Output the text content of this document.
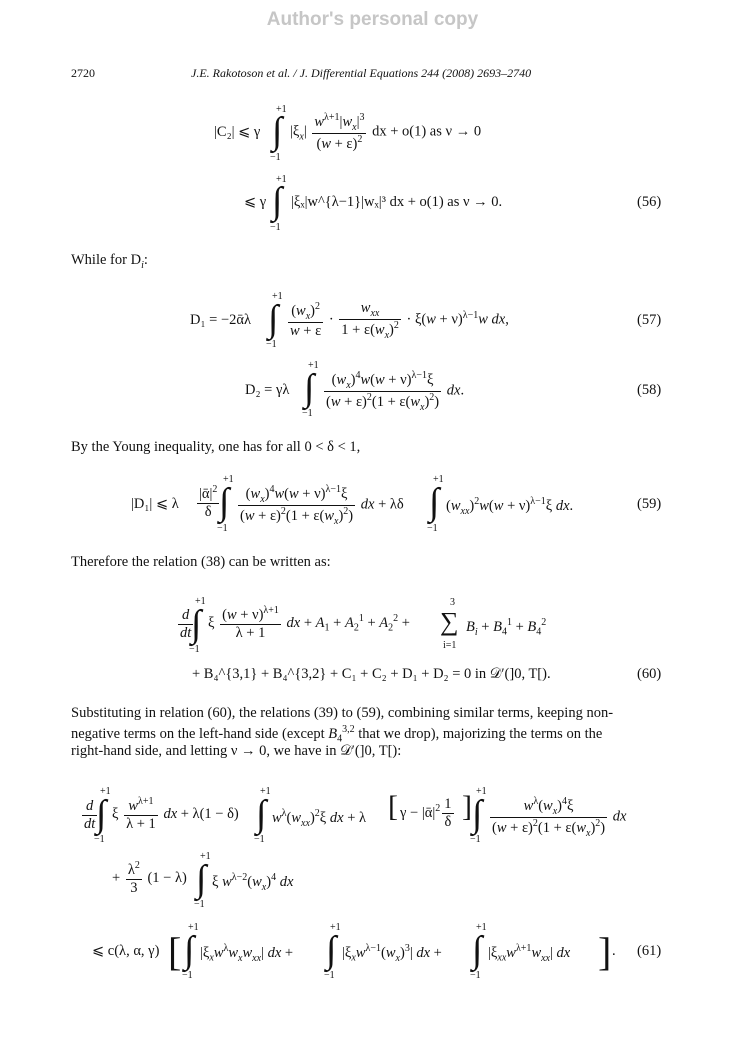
Author's personal copy
2720	J.E. Rakotoson et al. / J. Differential Equations 244 (2008) 2693–2740
|C₂| ⩽ γ
+1
∫
−1
$|\xi_x| \frac{w^{\lambda+1}|w_x|^3}{(w + \varepsilon)^2}$ dx + o(1) as ν → 0
⩽ γ
+1
∫
−1
|ξₓ|w^{λ−1}|wₓ|³ dx + o(1) as ν → 0.	(56)
While for $D_i$:
D₁ = −2ᾱλ
+1
∫
−1
$\frac{(w_x)^2}{w + \varepsilon} \cdot \frac{w_{xx}}{1 + \varepsilon(w_x)^2} \cdot \xi(w + \nu)^{\lambda-1}w$ dx,	(57)
D₂ = γλ
+1
∫
−1
$\frac{(w_x)^4w(w + \nu)^{\lambda-1}\xi}{(w + \varepsilon)^2(1 + \varepsilon(w_x)^2)}$ dx.	(58)
By the Young inequality, one has for all 0 < δ < 1,
|D₁| ⩽ λ $\frac{|ᾱ|^2}{\delta}$
+1
∫
−1
$\frac{(w_x)^4w(w + \nu)^{\lambda-1}\xi}{(w + \varepsilon)^2(1 + \varepsilon(w_x)^2)}$ dx + λδ
+1
∫
−1
$(w_{xx})^2w(w + \nu)^{\lambda-1}\xi$ dx.	(59)
Therefore the relation (38) can be written as:
$\frac{d}{dt}$
+1
∫
−1
ξ $\frac{(w + \nu)^{\lambda+1}}{\lambda + 1}$ dx + $A_1 + A_2^1 + A_2^2$ +
3
∑
i=1
$B_i + B_4^1 + B_4^2$
+ B₄^{3,1} + B₄^{3,2} + C₁ + C₂ + D₁ + D₂ = 0 in 𝒟′(]0, T[).	(60)
Substituting in relation (60), the relations (39) to (59), combining similar terms, keeping non-
negative terms on the left-hand side (except $B_4^{3,2}$ that we drop), majorizing the terms on the
right-hand side, and letting ν → 0, we have in 𝒟′(]0, T[):
$\frac{d}{dt}$
+1
∫
−1
ξ $\frac{w^{\lambda+1}}{\lambda + 1}$ dx + λ(1 − δ)
+1
∫
−1
$w^\lambda(w_{xx})^2\xi$ dx + λ [ $\gamma - |ᾱ|^2 \frac{1}{\delta}$ ] +1
∫
−1
$\frac{w^\lambda(w_x)^4\xi}{(w + \varepsilon)^2(1 + \varepsilon(w_x)^2)}$ dx
+ $\frac{\lambda^2}{3} (1 - \lambda)$
+1
∫
−1
ξ $w^{\lambda-2}(w_x)^4$ dx
⩽ c(λ, α, γ) [
+1
∫
−1
$|\xi_xw^\lambda w_xw_{xx}|$ dx +
+1
∫
−1
$|\xi_xw^{\lambda-1}(w_x)^3|$ dx +
+1
∫
−1
$|\xi_{xx}w^{\lambda+1}w_{xx}|$ dx ] . (61)
